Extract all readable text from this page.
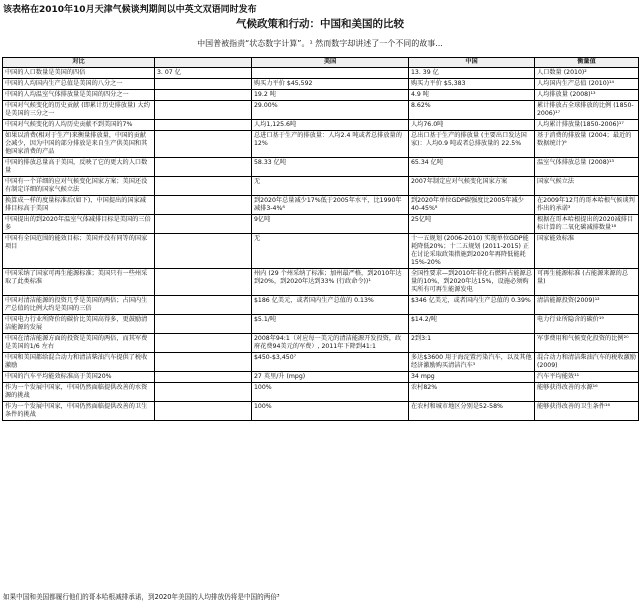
该表格在2010年10月天津气候谈判期间以中英文双语同时发布
气候政策和行动：中国和美国的比较
中国普被指责“状态数字计算”。¹ 然而数字却讲述了一个不同的故事...
对比		美国	中国	衡量值
中国的人口数量是美国的四倍	3. 07 亿		13. 39 亿	人口数量 (2010)²
中国的人均国内生产总值是美国的八分之一		购买力平价 $45,592	购买力平价 $5,383	人均国内生产总值 (2010)¹⁴
中国的人均温室气体排放量是美国的四分之一		19.2 吨	4.9 吨	人均排放量 (2008)¹³
中国对气候变化的历史贡献 (即累计历史排放量) 大约是美国的三分之一		29.00%	8.62%	累计排放占全球排放的比例 (1850-2006)¹⁷
中国对气候变化的人均历史贡献不到美国的7%		人均1,125.6吨	人均76.0吨	人均累计排放量(1850-2006)¹⁷
如果以消费(相对于生产)来衡量排放量，中国的贡献会减少，因为中国的部分排放是来自生产供美国和其他国家消费的产品		总进口基于生产的排放量：人均2.4 吨或者总排放量的 12%	总出口基于生产的排放量 (主要出口发达国家)：人均0.9 吨或者总排放量的 22.5%	基于消费的排放量 (2004；最近的数据统计)⁹
中国的排放总量高于美国，反映了它的更大的人口数量		58.33 亿吨	65.34 亿吨	温室气体排放总量 (2008)¹³
中国有一个详细的应对气候变化国家方案；美国还没有制定详细的国家气候立法		无	2007年制定应对气候变化国家方案	国家气候立法
换算成一样的度量标准后(如下)，中国提出的国家减排目标高于美国		到2020年总量减少17%低于2005年水平，比1990年减排3-4%⁸	到2020年单位GDP碳强度比2005年减少40-45%⁸	在2009年12月的哥本哈根气候谈判作出的承诺³
中国提出的到2020年温室气体减排目标是美国的三倍多		9亿吨	25亿吨	根据在哥本哈根提出的2020减排目标计算的二氧化碳减排数量¹⁸
中国有全国范围的能效目标；美国并没有同等的国家项目		无	十一五规划 (2006-2010) 实现单位GDP能耗降低20%；十二五规划 (2011-2015) 正在讨论采取政策措施到2020年再降低能耗15%-20%	国家能效标准
中国采纳了国家可再生能源标准；美国只有一些州采取了此类标准		州内 (29 个州采纳了标准；加州最严格，到2010年达到20%，到2020年达到33% (行政命令))¹	全国性要求—到2010年非化石燃料占能源总量的10%，到2020年达15%，设施必须购买所有可再生能源发电	可再生能源标准 (占能源来源的总量)
中国对清洁能源的投资几乎是美国的两倍；占国内生产总值的比例大约是美国的三倍		$186 亿美元，或者国内生产总值的 0.13%	$346 亿美元，或者国内生产总值的 0.39%	清洁能源投资(2009)¹²
中国电力行业所降价的碳价比美国高得多，更鼓励清洁能源的发展		$5.1/吨	$14.2/吨	电力行业所隐含的碳价¹⁹
中国在清洁能源方面的投资是美国的两倍，而其军费是美国的1/6 左右		2008年94:1（对应每一美元的清洁能源开发投资，政府花费94美元的军费）, 2011年下降到41:1	2到3:1	军事费用和气候变化投资的比例²⁰
中国和美国都给混合动力和清洁柴油汽车提供了税收激励		$450-$3,450⁷	多达$3600 用于海淀置污染汽车，以及其他经济激励购买清洁汽车⁵	混合动力和清洁柴油汽车的税收激励(2009)
中国的汽车平均能效标准高于美国20%		27 英里/升 (mpg)	34 mpg	汽车平均能效¹¹
作为一个发展中国家，中国仍然面临提供改善的水资源的挑战		100%	农村82%	能够获得改善的水源¹⁶
作为一个发展中国家，中国仍然面临提供改善的卫生条件的挑战		100%	在农村和城市地区分别是52-58%	能够获得改善的卫生条件¹⁶
如果中国和美国都履行他们的哥本哈根减排承诺，到2020年美国的人均排放仍将是中国的两倍³
